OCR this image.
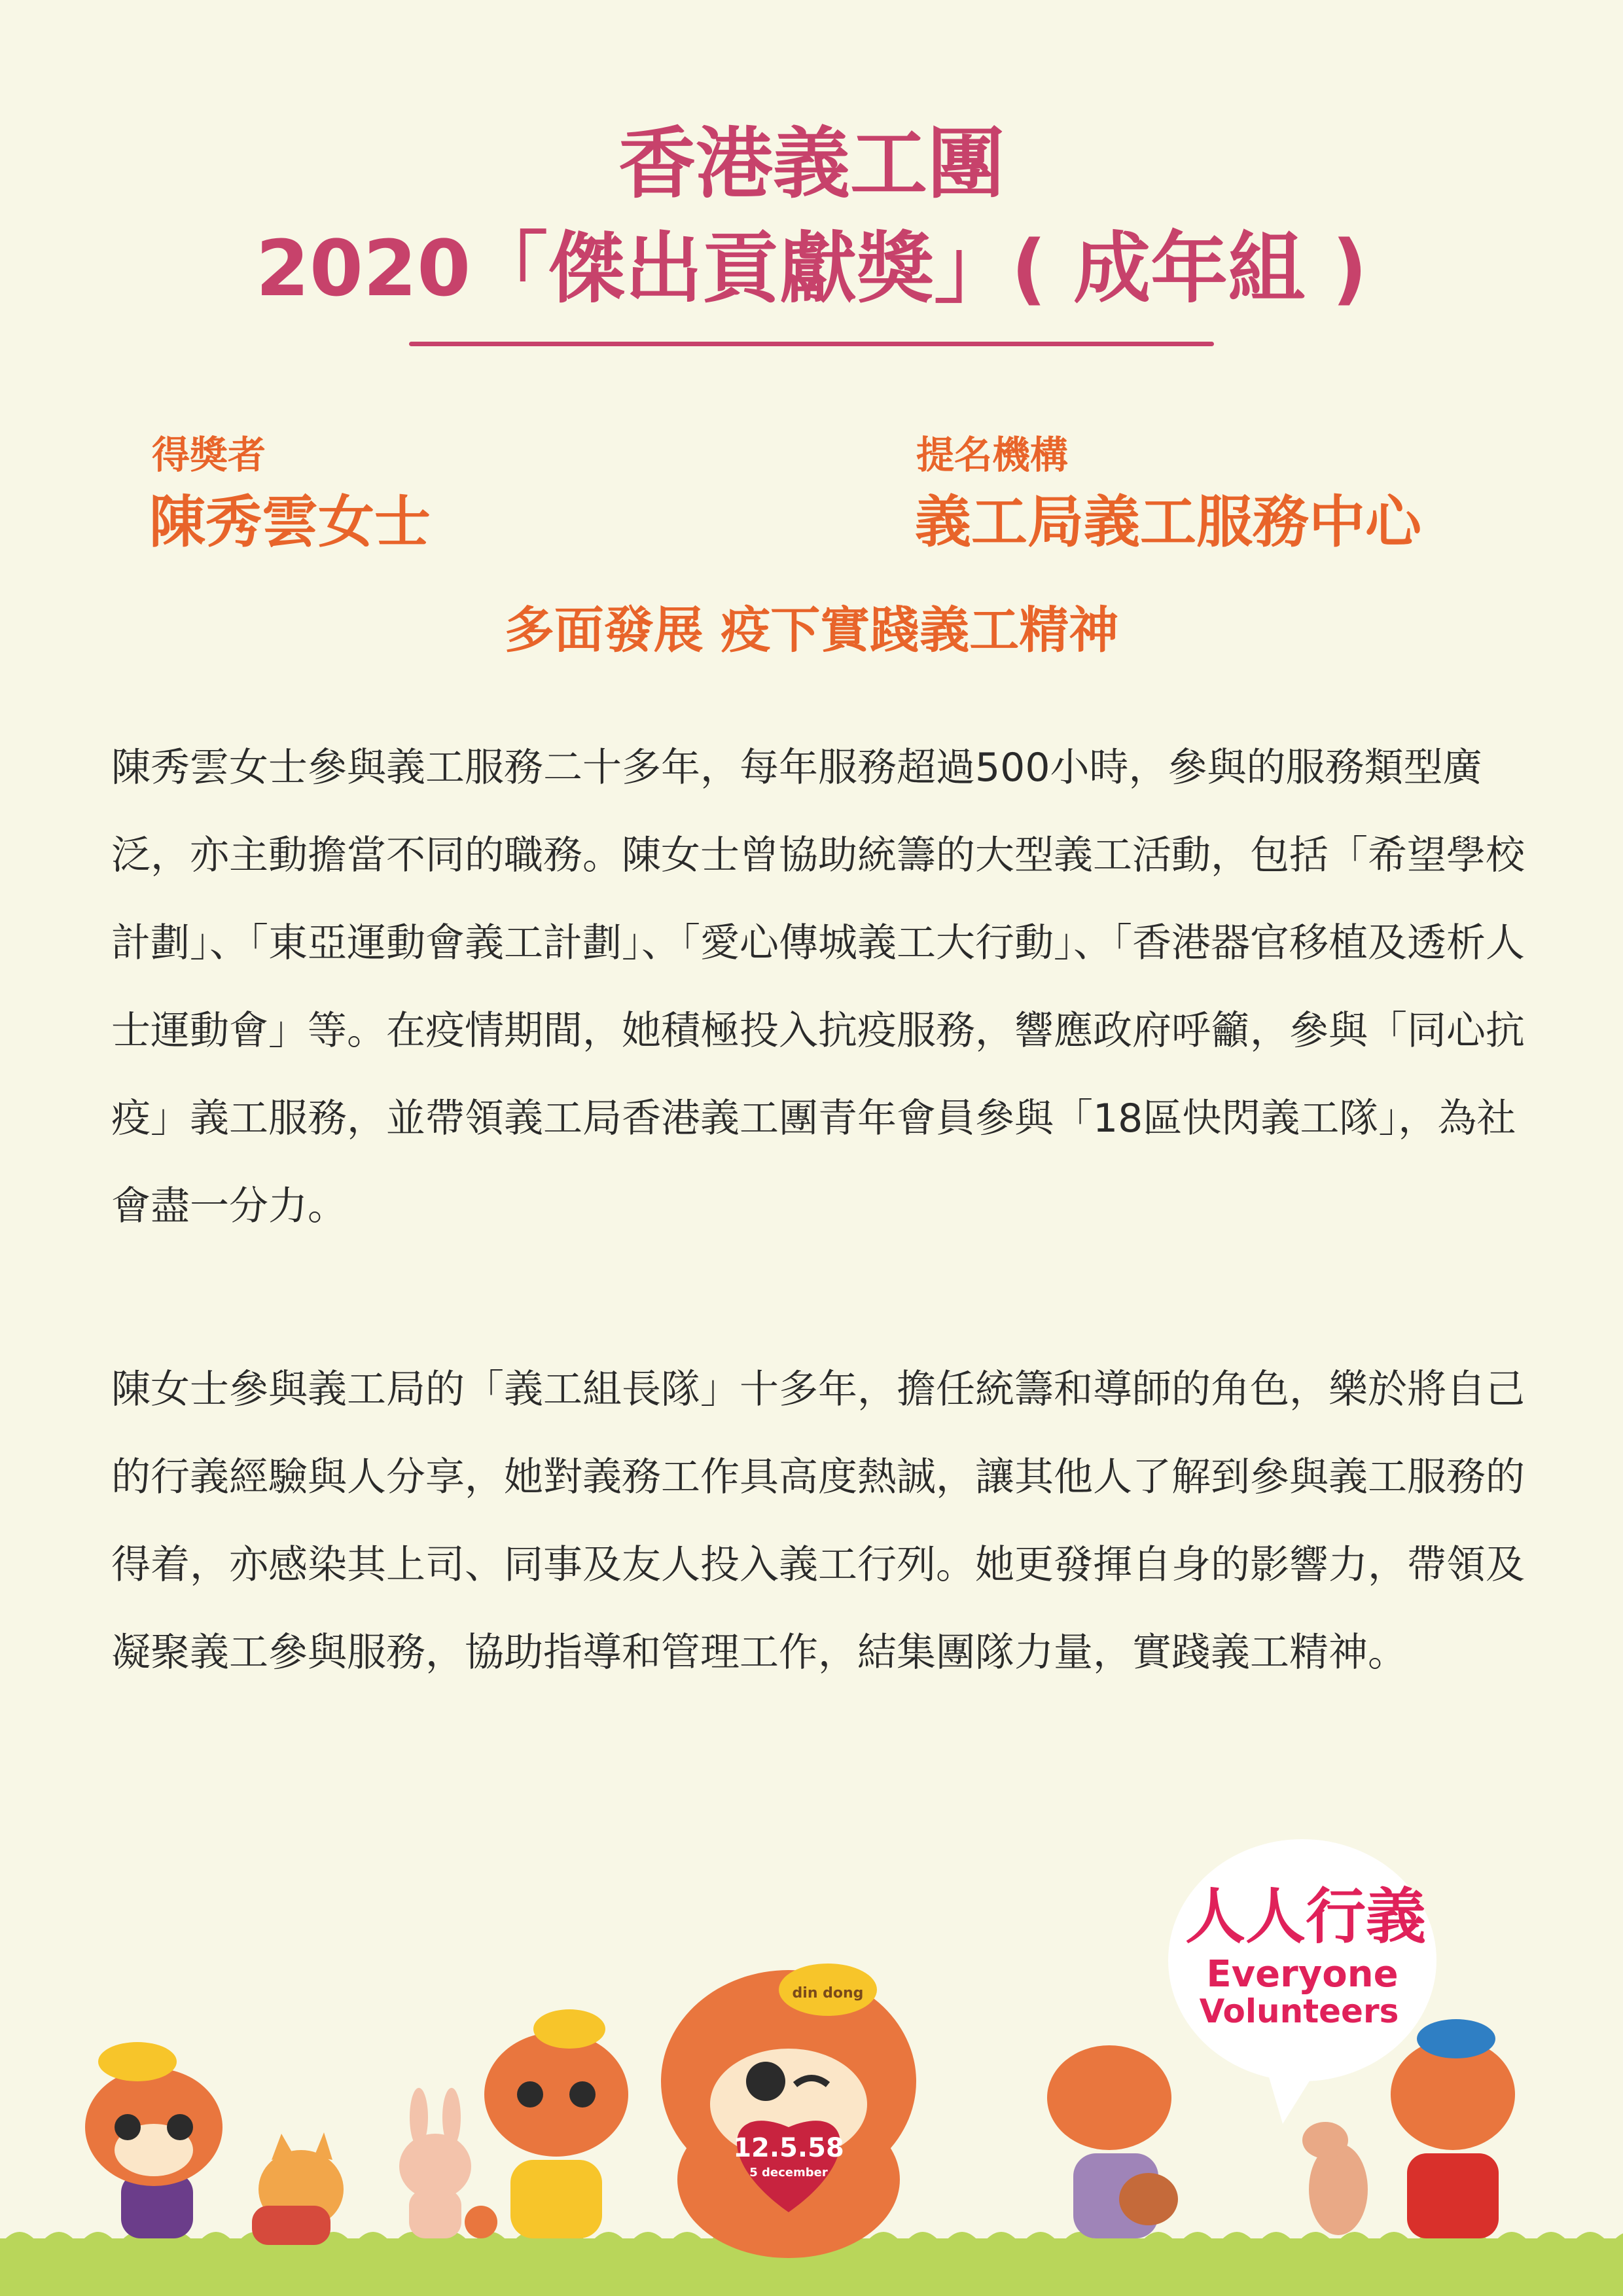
香港義工團
2020「傑出貢獻獎」( 成年組 )
得獎者
陳秀雲女士
提名機構
義工局義工服務中心
多面發展 疫下實踐義工精神

陳秀雲女士參與義工服務二十多年，每年服務超過500小時，參與的服務類型廣泛，亦主動擔當不同的職務。陳女士曾協助統籌的大型義工活動，包括「希望學校計劃」、「東亞運動會義工計劃」、「愛心傳城義工大行動」、「香港器官移植及透析人士運動會」等。在疫情期間，她積極投入抗疫服務，響應政府呼籲，參與「同心抗疫」義工服務，並帶領義工局香港義工團青年會員參與「18區快閃義工隊」，為社會盡一分力。

陳女士參與義工局的「義工組長隊」十多年，擔任統籌和導師的角色，樂於將自己的行義經驗與人分享，她對義務工作具高度熱誠，讓其他人了解到參與義工服務的得着，亦感染其上司、同事及友人投入義工行列。她更發揮自身的影響力，帶領及凝聚義工參與服務，協助指導和管理工作，結集團隊力量，實踐義工精神。

人人行義
Everyone
Volunteers
din dong
12.5.58
5 december
